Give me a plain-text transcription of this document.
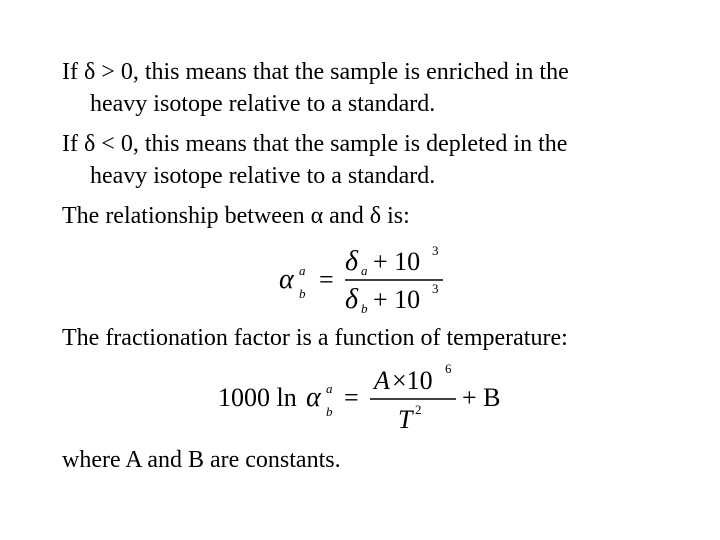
If δ > 0, this means that the sample is enriched in the
heavy isotope relative to a standard.
If δ < 0, this means that the sample is depleted in the
heavy isotope relative to a standard.
The relationship between α and δ is:
α a
b =
δ a + 10 3
δ b + 10 3
The fractionation factor is a function of temperature:
1000 ln α a
b =
A ×10 6
T 2 + B
where A and B are constants.
